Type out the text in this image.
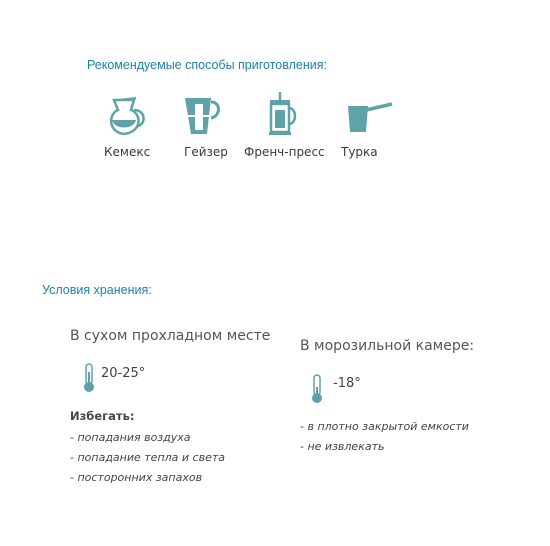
Рекомендуемые способы приготовления:
Кемекс	Гейзер Френч-пресс Турка
Условия хранения:
В сухом прохладном месте
20-25°
Избегать:
- попадания воздуха
- попадание тепла и света
- посторонних запахов
В морозильной камере:
-18°
- в плотно закрытой емкости
- не извлекать
